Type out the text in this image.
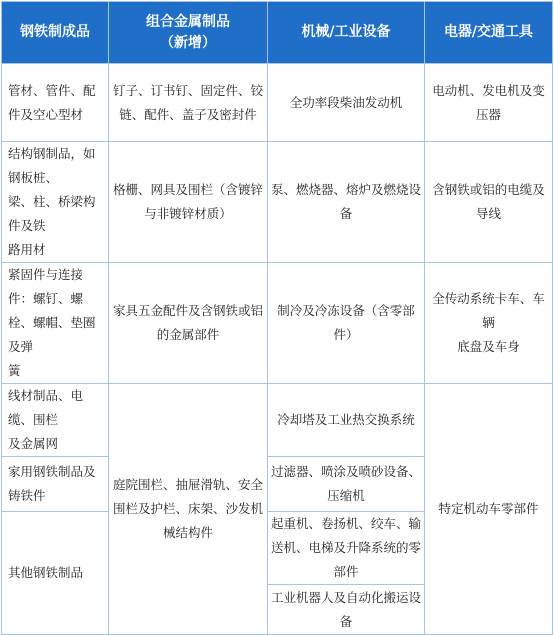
钢铁制成品	组合金属制品
（新增）	机械/工业设备	电器/交通工具

管材、管件、配件及空心型材	钉子、订书钉、固定件、铰链、配件、盖子及密封件	全功率段柴油发动机	电动机、发电机及变压器

结构钢制品，如钢板桩、
梁、柱、桥梁构件及铁
路用材	格栅、网具及围栏（含镀锌与非镀锌材质）	泵、燃烧器、熔炉及燃烧设备	含钢铁或铝的电缆及导线

紧固件与连接件：螺钉、螺栓、螺帽、垫圈及弹
簧	家具五金配件及含钢铁或铝的金属部件	制冷及冷冻设备（含零部件）	全传动系统卡车、车辆
底盘及车身

线材制品、电缆、围栏
及金属网	庭院围栏、抽屉滑轨、安全围栏及护栏、床架、沙发机械结构件	冷却塔及工业热交换系统	特定机动车零部件

家用钢铁制品及铸铁件		过滤器、喷涂及喷砂设备、压缩机	

其他钢铁制品		起重机、卷扬机、绞车、输送机、电梯及升降系统的零部件	

		工业机器人及自动化搬运设备	
